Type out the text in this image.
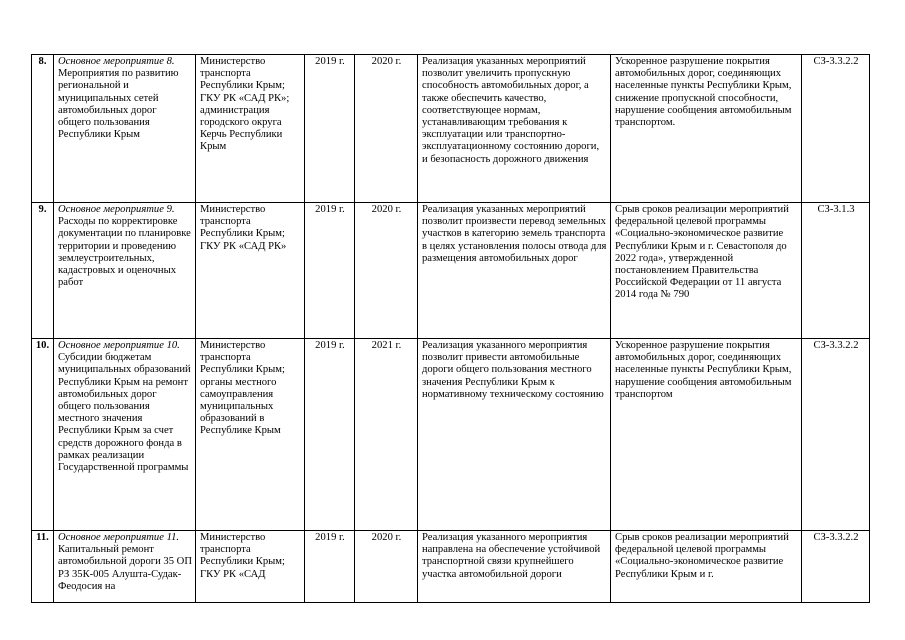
8.	Основное мероприятие 8. Мероприятия по развитию региональной и муниципальных сетей автомобильных дорог общего пользования Республики Крым	Министерство транспорта Республики Крым; ГКУ РК «САД РК»; администрация городского округа Керчь Республики Крым	2019 г.	2020 г.	Реализация указанных мероприятий позволит увеличить пропускную способность автомобильных дорог, а также обеспечить качество, соответствующее нормам, устанавливающим требования к эксплуатации или транспортно-эксплуатационному состоянию дороги, и безопасность дорожного движения	Ускоренное разрушение покрытия автомобильных дорог, соединяющих населенные пункты Республики Крым, снижение пропускной способности, нарушение сообщения автомобильным транспортом.	СЗ-3.3.2.2
9.	Основное мероприятие 9. Расходы по корректировке документации по планировке территории и проведению землеустроительных, кадастровых и оценочных работ	Министерство транспорта Республики Крым; ГКУ РК «САД РК»	2019 г.	2020 г.	Реализация указанных мероприятий позволит произвести перевод земельных участков в категорию земель транспорта в целях установления полосы отвода для размещения автомобильных дорог	Срыв сроков реализации мероприятий федеральной целевой программы «Социально-экономическое развитие Республики Крым и г. Севастополя до 2022 года», утвержденной постановлением Правительства Российской Федерации от 11 августа 2014 года № 790	СЗ-3.1.3
10.	Основное мероприятие 10. Субсидии бюджетам муниципальных образований Республики Крым на ремонт автомобильных дорог общего пользования местного значения Республики Крым за счет средств дорожного фонда в рамках реализации Государственной программы	Министерство транспорта Республики Крым; органы местного самоуправления муниципальных образований в Республике Крым	2019 г.	2021 г.	Реализация указанного мероприятия позволит привести автомобильные дороги общего пользования местного значения Республики Крым к нормативному техническому состоянию	Ускоренное разрушение покрытия автомобильных дорог, соединяющих населенные пункты Республики Крым, нарушение сообщения автомобильным транспортом	СЗ-3.3.2.2
11.	Основное мероприятие 11. Капитальный ремонт автомобильной дороги 35 ОП РЗ 35К-005 Алушта-Судак-Феодосия на	Министерство транспорта Республики Крым; ГКУ РК «САД	2019 г.	2020 г.	Реализация указанного мероприятия направлена на обеспечение устойчивой транспортной связи крупнейшего участка автомобильной дороги	Срыв сроков реализации мероприятий федеральной целевой программы «Социально-экономическое развитие Республики Крым и г.	СЗ-3.3.2.2
